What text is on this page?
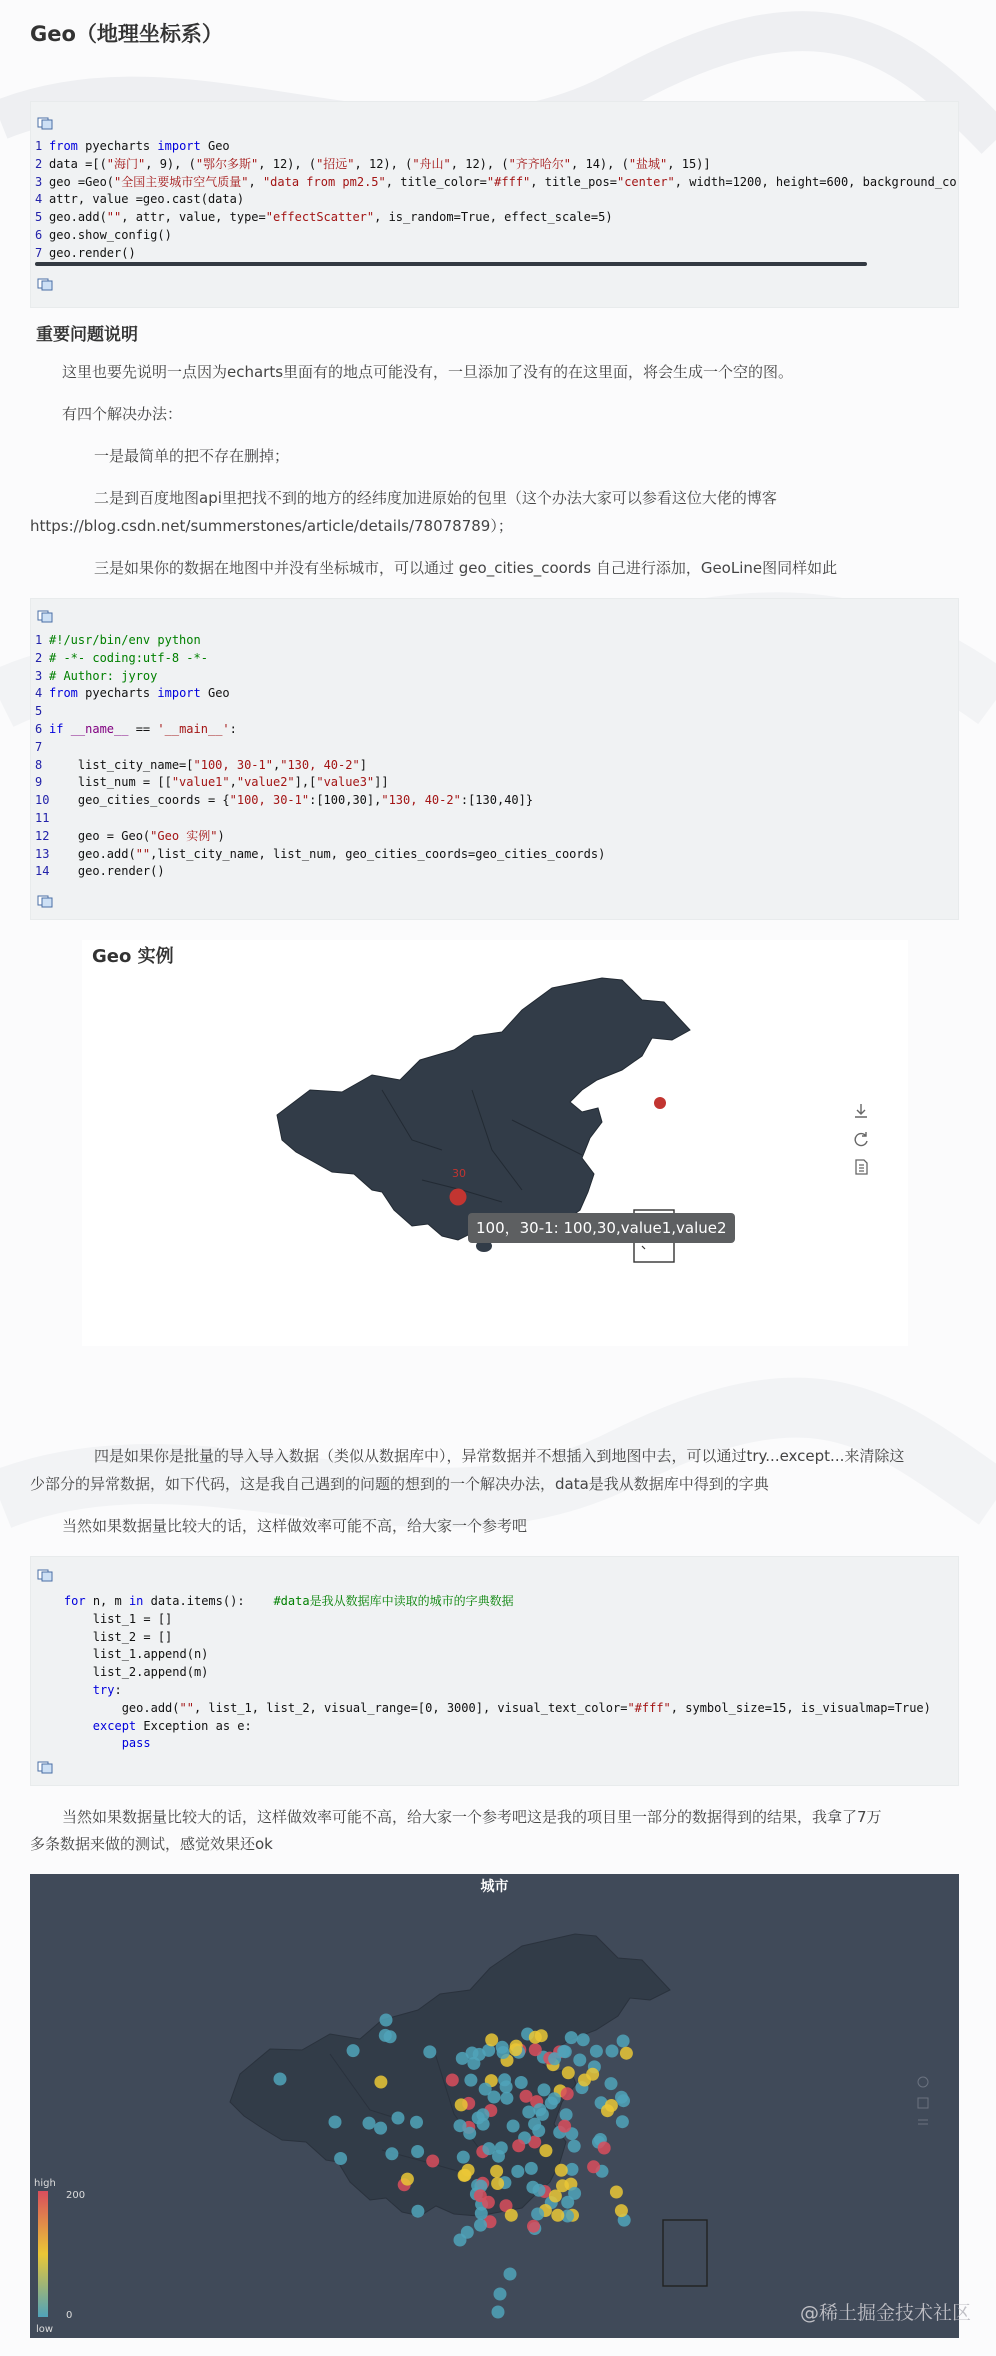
Geo（地理坐标系）
1 from pyecharts import Geo
2 data =[("海门", 9), ("鄂尔多斯", 12), ("招远", 12), ("舟山", 12), ("齐齐哈尔", 14), ("盐城", 15)]
3 geo =Geo("全国主要城市空气质量", "data from pm2.5", title_color="#fff", title_pos="center", width=1200, height=600, background_co
4 attr, value =geo.cast(data)
5 geo.add("", attr, value, type="effectScatter", is_random=True, effect_scale=5)
6 geo.show_config()
7 geo.render()
重要问题说明

这里也要先说明一点因为echarts里面有的地点可能没有，一旦添加了没有的在这里面，将会生成一个空的图。

有四个解决办法：

一是最简单的把不存在删掉；

二是到百度地图api里把找不到的地方的经纬度加进原始的包里（这个办法大家可以参看这位大佬的博客

https://blog.csdn.net/summerstones/article/details/78078789）；

三是如果你的数据在地图中并没有坐标城市，可以通过 geo_cities_coords 自己进行添加，GeoLine图同样如此

1 #!/usr/bin/env python
2 # -*- coding:utf-8 -*-
3 # Author: jyroy
4 from pyecharts import Geo
5
6 if __name__ == '__main__':
7
8    list_city_name=["100, 30-1","130, 40-2"]
9    list_num = [["value1","value2"],["value3"]]
10    geo_cities_coords = {"100, 30-1":[100,30],"130, 40-2":[130,40]}
11
12    geo = Geo("Geo 实例")
13    geo.add("",list_city_name, list_num, geo_cities_coords=geo_cities_coords)
14    geo.render()
Geo 实例
30
100，30-1: 100,30,value1,value2

四是如果你是批量的导入导入数据（类似从数据库中），异常数据并不想插入到地图中去，可以通过try...except...来清除这

少部分的异常数据，如下代码，这是我自己遇到的问题的想到的一个解决办法，data是我从数据库中得到的字典

当然如果数据量比较大的话，这样做效率可能不高，给大家一个参考吧

for n, m in data.items():    #data是我从数据库中读取的城市的字典数据
list_1 = []
list_2 = []
list_1.append(n)
list_2.append(m)
try:
geo.add("", list_1, list_2, visual_range=[0, 3000], visual_text_color="#fff", symbol_size=15, is_visualmap=True)
except Exception as e:
pass

当然如果数据量比较大的话，这样做效率可能不高，给大家一个参考吧这是我的项目里一部分的数据得到的结果，我拿了7万

多条数据来做的测试，感觉效果还ok

城市
high
200
0
low
@稀土掘金技术社区
